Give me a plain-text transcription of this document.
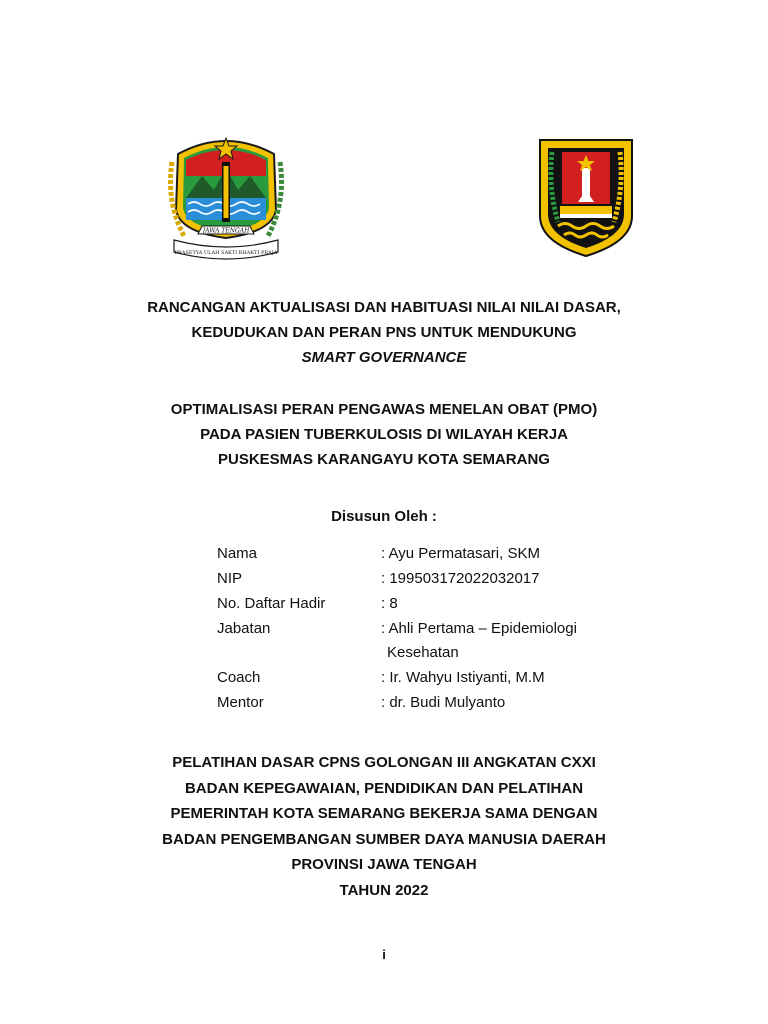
JAWA TENGAH
PRASETYA ULAH SAKTI BHAKTI PRAJA
RANCANGAN AKTUALISASI DAN HABITUASI NILAI NILAI DASAR,
KEDUDUKAN DAN PERAN PNS UNTUK MENDUKUNG
SMART GOVERNANCE
OPTIMALISASI PERAN PENGAWAS MENELAN OBAT (PMO)
PADA PASIEN TUBERKULOSIS DI WILAYAH KERJA
PUSKESMAS KARANGAYU KOTA SEMARANG
Disusun Oleh :
Nama	: Ayu Permatasari, SKM
NIP	: 199503172022032017
No. Daftar Hadir	: 8
Jabatan	: Ahli Pertama – Epidemiologi
Kesehatan
Coach	: Ir. Wahyu Istiyanti, M.M
Mentor	: dr. Budi Mulyanto
PELATIHAN DASAR CPNS GOLONGAN III ANGKATAN CXXI
BADAN KEPEGAWAIAN, PENDIDIKAN DAN PELATIHAN
PEMERINTAH KOTA SEMARANG BEKERJA SAMA DENGAN
BADAN PENGEMBANGAN SUMBER DAYA MANUSIA DAERAH
PROVINSI JAWA TENGAH
TAHUN 2022
i
